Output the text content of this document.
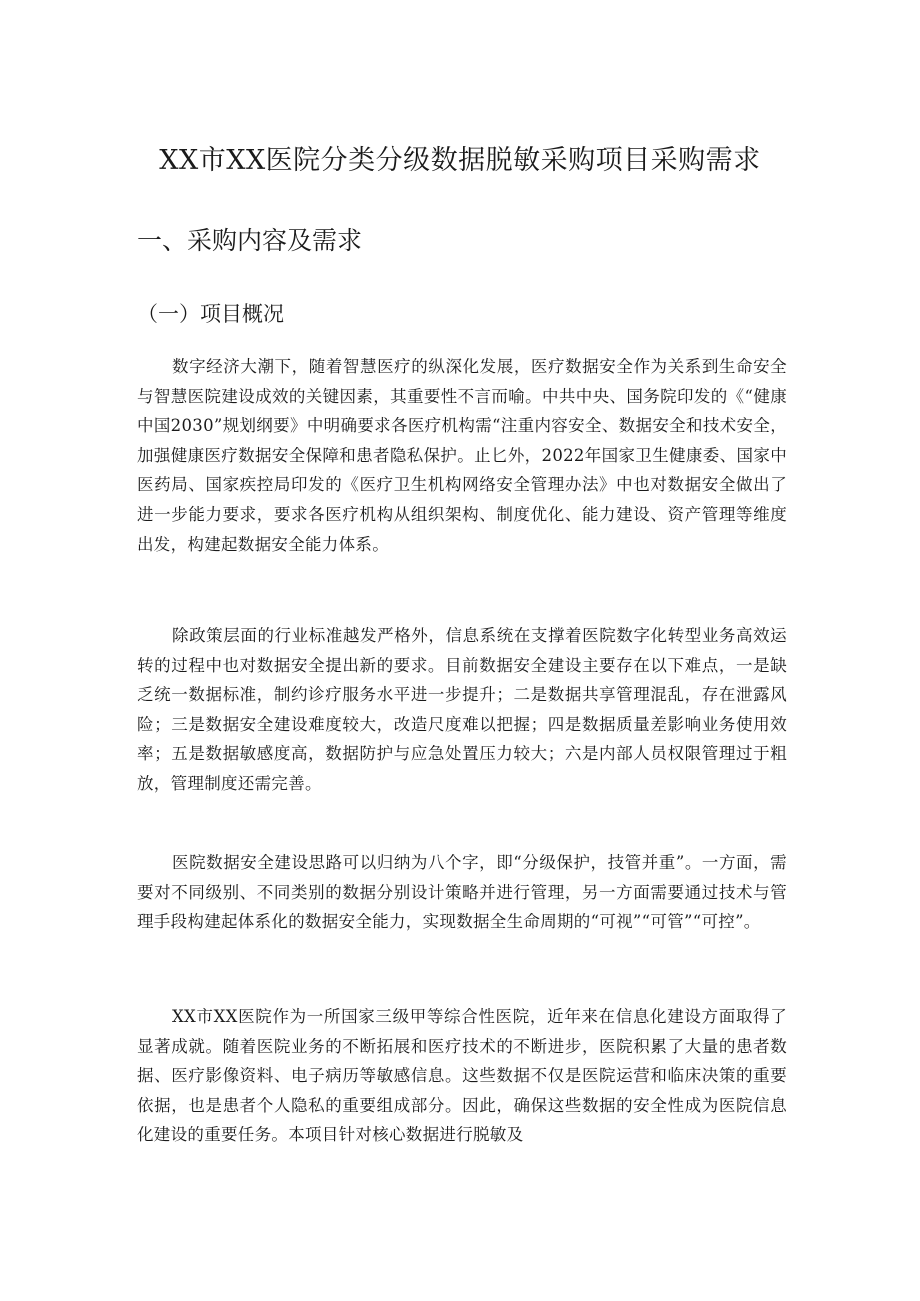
XX市XX医院分类分级数据脱敏采购项目采购需求
一、采购内容及需求
（一）项目概况

数字经济大潮下，随着智慧医疗的纵深化发展，医疗数据安全作为关系到生命安全与智慧医院建设成效的关键因素，其重要性不言而喻。中共中央、国务院印发的《“健康中国2030”规划纲要》中明确要求各医疗机构需“注重内容安全、数据安全和技术安全，加强健康医疗数据安全保障和患者隐私保护。止匕外，2022年国家卫生健康委、国家中医药局、国家疾控局印发的《医疗卫生机构网络安全管理办法》中也对数据安全做出了进一步能力要求，要求各医疗机构从组织架构、制度优化、能力建设、资产管理等维度出发，构建起数据安全能力体系。

除政策层面的行业标准越发严格外，信息系统在支撑着医院数字化转型业务高效运转的过程中也对数据安全提出新的要求。目前数据安全建设主要存在以下难点，一是缺乏统一数据标准，制约诊疗服务水平进一步提升；二是数据共享管理混乱，存在泄露风险；三是数据安全建设难度较大，改造尺度难以把握；四是数据质量差影响业务使用效率；五是数据敏感度高，数据防护与应急处置压力较大；六是内部人员权限管理过于粗放，管理制度还需完善。

医院数据安全建设思路可以归纳为八个字，即“分级保护，技管并重”。一方面，需要对不同级别、不同类别的数据分别设计策略并进行管理，另一方面需要通过技术与管理手段构建起体系化的数据安全能力，实现数据全生命周期的“可视”“可管”“可控”。

XX市XX医院作为一所国家三级甲等综合性医院，近年来在信息化建设方面取得了显著成就。随着医院业务的不断拓展和医疗技术的不断进步，医院积累了大量的患者数据、医疗影像资料、电子病历等敏感信息。这些数据不仅是医院运营和临床决策的重要依据，也是患者个人隐私的重要组成部分。因此，确保这些数据的安全性成为医院信息化建设的重要任务。本项目针对核心数据进行脱敏及
